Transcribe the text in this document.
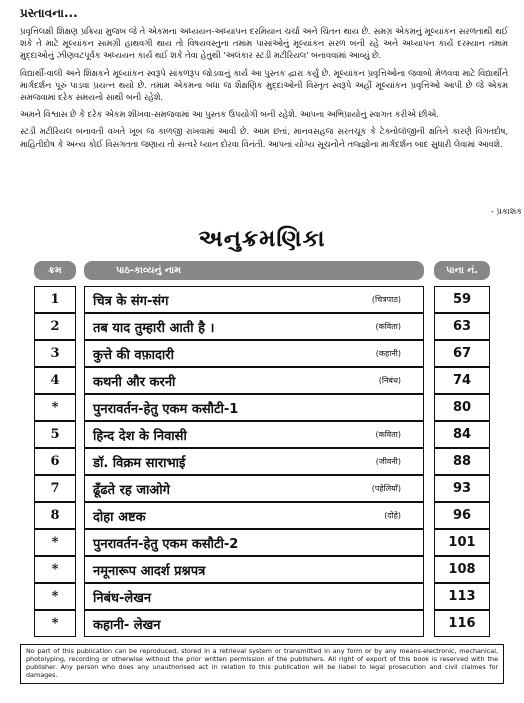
પ્રસ્તાવના...

પ્રવૃત્તિલક્ષી શિક્ષણ પ્રક્રિયા મુજબ જે તે એકમના અધ્યયન-અધ્યાપન દરમિયાન ચર્ચા અને ચિંતન થાય છે. સમગ્ર એકમનું મૂલ્યાંકન સરળતાથી થઈ શકે તે માટે મૂલ્યાંકન સામગ્રી હાથવગી થાય તો વિષયવસ્તુના તમામ પાસાંઓનું મૂલ્યાંકન સરળ બની રહે અને અધ્યાપન કાર્ય દરમ્યાન તમામ મુદ્દાઓનું ઝીણવટપૂર્વક અધ્યયન કાર્ય થઈ શકે તેવા હેતુથી 'અલંકાર સ્ટડી મટીરિયલ' બનાવવામાં આવ્યું છે.

વિદ્યાર્થી-વાલી અને શિક્ષકને મૂલ્યાંકન સ્વરૂપે સાંકળરૂપ જોડવાનું કાર્ય આ પુસ્તક દ્વારા કર્યું છે. મૂલ્યાંકન પ્રવૃત્તિઓના જવાબો મેળવવા માટે વિદ્યાર્થીને માર્ગદર્શન પૂરું પાડવા પ્રયત્ન થયો છે. તમામ એકમના બધા જ શૈક્ષણિક મુદ્દાઓની વિસ્તૃત સ્વરૂપે અહીં મૂલ્યાંકન પ્રવૃત્તિઓ આપી છે જે એકમ સમજવામાં દરેક સમયનો સાથી બની રહેશે.

અમને વિશ્વાસ છે કે દરેક એકમ શીખવા-સમજવામાં આ પુસ્તક ઉપયોગી બની રહેશે. આપના અભિપ્રાયોનું સ્વાગત કરીએ છીએ.

સ્ટડી મટીરિયલ બનાવતી વખતે ખૂબ જ કાળજી રાખવામાં આવી છે. આમ છતાં, માનવસહજ સરતચૂક કે ટેક્નોલૉજીની ક્ષતિને કારણે વિગતદોષ, માહિતીદોષ કે અન્ય કોઈ વિસંગતતા જણાય તો સત્વરે ધ્યાન દોરવા વિનંતી. આપનાં યોગ્ય સૂચનોને તજ્જ્ઞોના માર્ગદર્શન બાદ સુધારી લેવામાં આવશે.

- પ્રકાશક
અનુક્રમણિકા
ક્રમ	પાઠ-કાવ્યનું નામ	પાના નં.
1	चित्र के संग-संग	(चित्रपाठ)	59
2	तब याद तुम्हारी आती है ।	(कविता)	63
3	कुत्ते की वफ़ादारी	(कहानी)	67
4	कथनी और करनी	(निबंध)	74
*	पुनरावर्तन-हेतु एकम कसौटी-1	80
5	हिन्द देश के निवासी	(कविता)	84
6	डॉ. विक्रम साराभाई	(जीवनी)	88
7	ढूँढते रह जाओगे	(पहेलियाँ)	93
8	दोहा अष्टक	(दोहे)	96
*	पुनरावर्तन-हेतु एकम कसौटी-2	101
*	नमूनारूप आदर्श प्रश्नपत्र	108
*	निबंध-लेखन	113
*	कहानी- लेखन	116
No part of this publication can be reproduced, stored in a retrieval system or transmitted in any form or by any means-electronic, mechanical, photolyping, recording or otherwise without the prior written permission of the publishers. All right of export of this book is reserved with the publisher. Any person who does any unauthorised act in relation to this publication will be liabel to legal prosecution and civil claimes for damages.
